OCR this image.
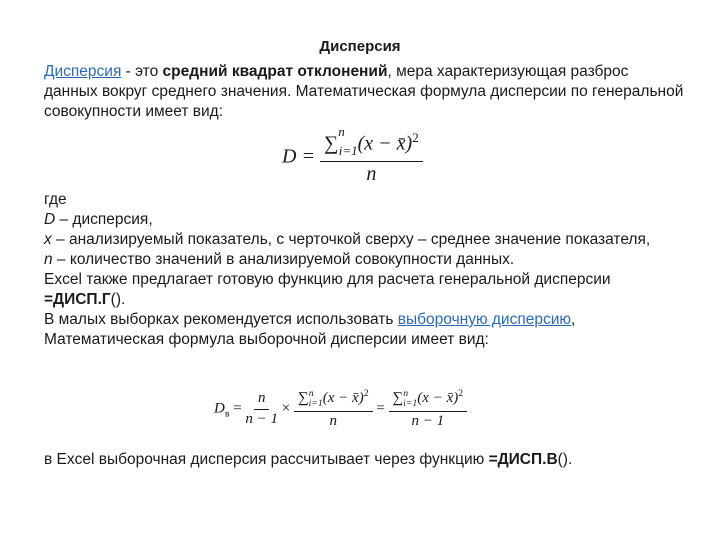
Дисперсия
Дисперсия - это средний квадрат отклонений, мера характеризующая разброс данных вокруг среднего значения. Математическая формула дисперсии по генеральной совокупности имеет вид:
$D = \frac{\sum^n_{i=1}(x - x̄)^2}{n}$
где
D – дисперсия,
x – анализируемый показатель, с черточкой сверху – среднее значение показателя,
n – количество значений в анализируемой совокупности данных.
Excel также предлагает готовую функцию для расчета генеральной дисперсии =ДИСП.Г().
В малых выборках рекомендуется использовать выборочную дисперсию,
Математическая формула выборочной дисперсии имеет вид:
$D_в = \frac{n}{n - 1} \times \frac{\sum^n_{i=1}(x - x̄)^2}{n} = \frac{\sum^n_{i=1}(x - x̄)^2}{n - 1}$
в Excel выборочная дисперсия рассчитывает через функцию =ДИСП.В().
